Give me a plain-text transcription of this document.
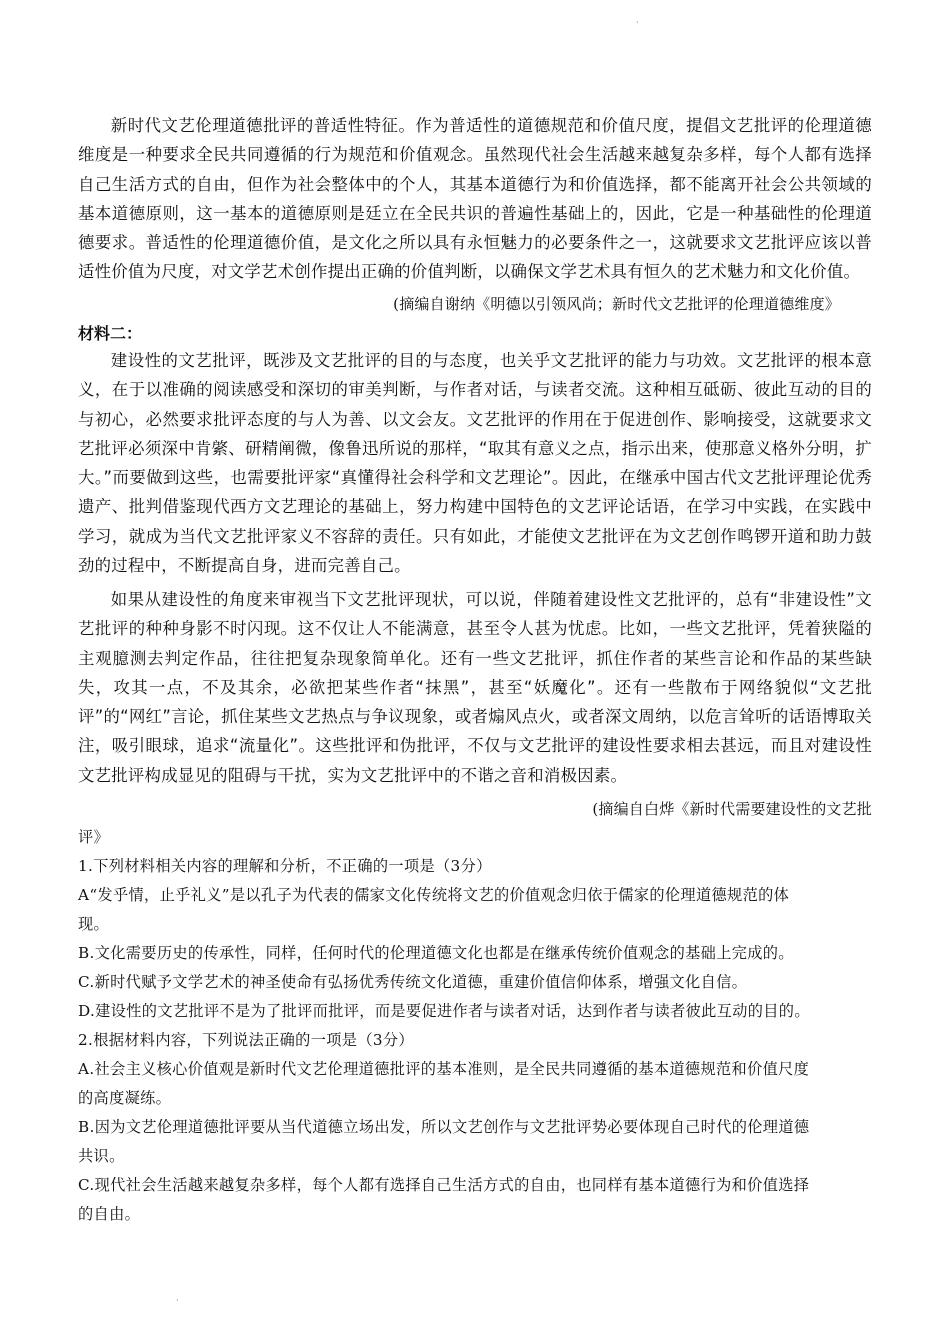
·

新时代文艺伦理道德批评的普适性特征。作为普适性的道德规范和价值尺度，提倡文艺批评的伦理道德维度是一种要求全民共同遵循的行为规范和价值观念。虽然现代社会生活越来越复杂多样，每个人都有选择自己生活方式的自由，但作为社会整体中的个人，其基本道德行为和价值选择，都不能离开社会公共领域的基本道德原则，这一基本的道德原则是廷立在全民共识的普遍性基础上的，因此，它是一种基础性的伦理道德要求。普适性的伦理道德价值，是文化之所以具有永恒魅力的必要条件之一，这就要求文艺批评应该以普适性价值为尺度，对文学艺术创作提出正确的价值判断，以确保文学艺术具有恒久的艺术魅力和文化价值。

(摘编自谢纳《明德以引领风尚；新时代文艺批评的伦理道德维度》

材料二：

建设性的文艺批评，既涉及文艺批评的目的与态度，也关乎文艺批评的能力与功效。文艺批评的根本意义，在于以准确的阅读感受和深切的审美判断，与作者对话，与读者交流。这种相互砥砺、彼此互动的目的与初心，必然要求批评态度的与人为善、以文会友。文艺批评的作用在于促进创作、影响接受，这就要求文艺批评必须深中肯綮、研精阐微，像鲁迅所说的那样，“取其有意义之点，指示出来，使那意义格外分明，扩大。”而要做到这些，也需要批评家“真懂得社会科学和文艺理论”。因此，在继承中国古代文艺批评理论优秀遗产、批判借鉴现代西方文艺理论的基础上，努力构建中国特色的文艺评论话语，在学习中实践，在实践中学习，就成为当代文艺批评家义不容辞的责任。只有如此，才能使文艺批评在为文艺创作鸣锣开道和助力鼓劲的过程中，不断提高自身，进而完善自己。

如果从建设性的角度来审视当下文艺批评现状，可以说，伴随着建设性文艺批评的，总有“非建设性”文艺批评的种种身影不时闪现。这不仅让人不能满意，甚至令人甚为忧虑。比如，一些文艺批评，凭着狭隘的主观臆测去判定作品，往往把复杂现象简单化。还有一些文艺批评，抓住作者的某些言论和作品的某些缺失，攻其一点，不及其余，必欲把某些作者“抹黑”，甚至“妖魔化”。还有一些散布于网络貌似“文艺批评”的“网红”言论，抓住某些文艺热点与争议现象，或者煽风点火，或者深文周纳，以危言耸听的话语博取关注，吸引眼球，追求“流量化”。这些批评和伪批评，不仅与文艺批评的建设性要求相去甚远，而且对建设性文艺批评构成显见的阻碍与干扰，实为文艺批评中的不谐之音和消极因素。

(摘编自白烨《新时代需要建设性的文艺批

评》

1.下列材料相关内容的理解和分析，不正确的一项是（3分）

A“发乎情，止乎礼义”是以孔子为代表的儒家文化传统将文艺的价值观念归依于儒家的伦理道德规范的体

现。

B.文化需要历史的传承性，同样，任何时代的伦理道德文化也都是在继承传统价值观念的基础上完成的。

C.新时代赋予文学艺术的神圣使命有弘扬优秀传统文化道德，重建价值信仰体系，增强文化自信。

D.建设性的文艺批评不是为了批评而批评，而是要促进作者与读者对话，达到作者与读者彼此互动的目的。

2.根据材料内容，下列说法正确的一项是（3分）

A.社会主义核心价值观是新时代文艺伦理道德批评的基本准则，是全民共同遵循的基本道德规范和价值尺度

的高度凝练。

B.因为文艺伦理道德批评要从当代道德立场出发，所以文艺创作与文艺批评势必要体现自己时代的伦理道德

共识。

C.现代社会生活越来越复杂多样，每个人都有选择自己生活方式的自由，也同样有基本道德行为和价值选择

的自由。

·
